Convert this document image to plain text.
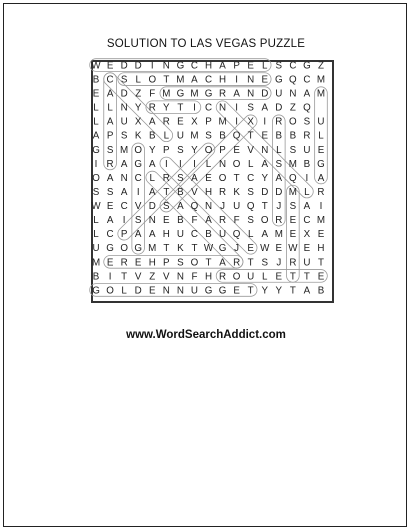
SOLUTION TO LAS VEGAS PUZZLE
www.WordSearchAddict.com
W E D D I N G C H A P E L S C G Z
B C S L O T M A C H I N E G Q C M
E A D Z F M G M G R A N D U N A M
L L N Y R Y T I C N I S A D Z Q
L A U X A R E X P M I X I R O S U
A P S K B L U M S B Q T E B B R L
G S M O Y P S Y O P E V N L S U E
I R A G A I I I L N O L A S M B G
O A N C L R S A E O T C Y A Q I A
S S A I A T B V H R K S D D M L R
W E C V D S A Q N J U Q T J S A I
L A I S N E B F A R F S O R E C M
L C P A A H U C B U Q L A M E X E
U G O G M T K T W G J E W E W E H
M E R E H P S O T A R T S J R U T
B I T V Z V N F H R O U L E T T E
G O L D E N N U G G E T Y Y T A B
